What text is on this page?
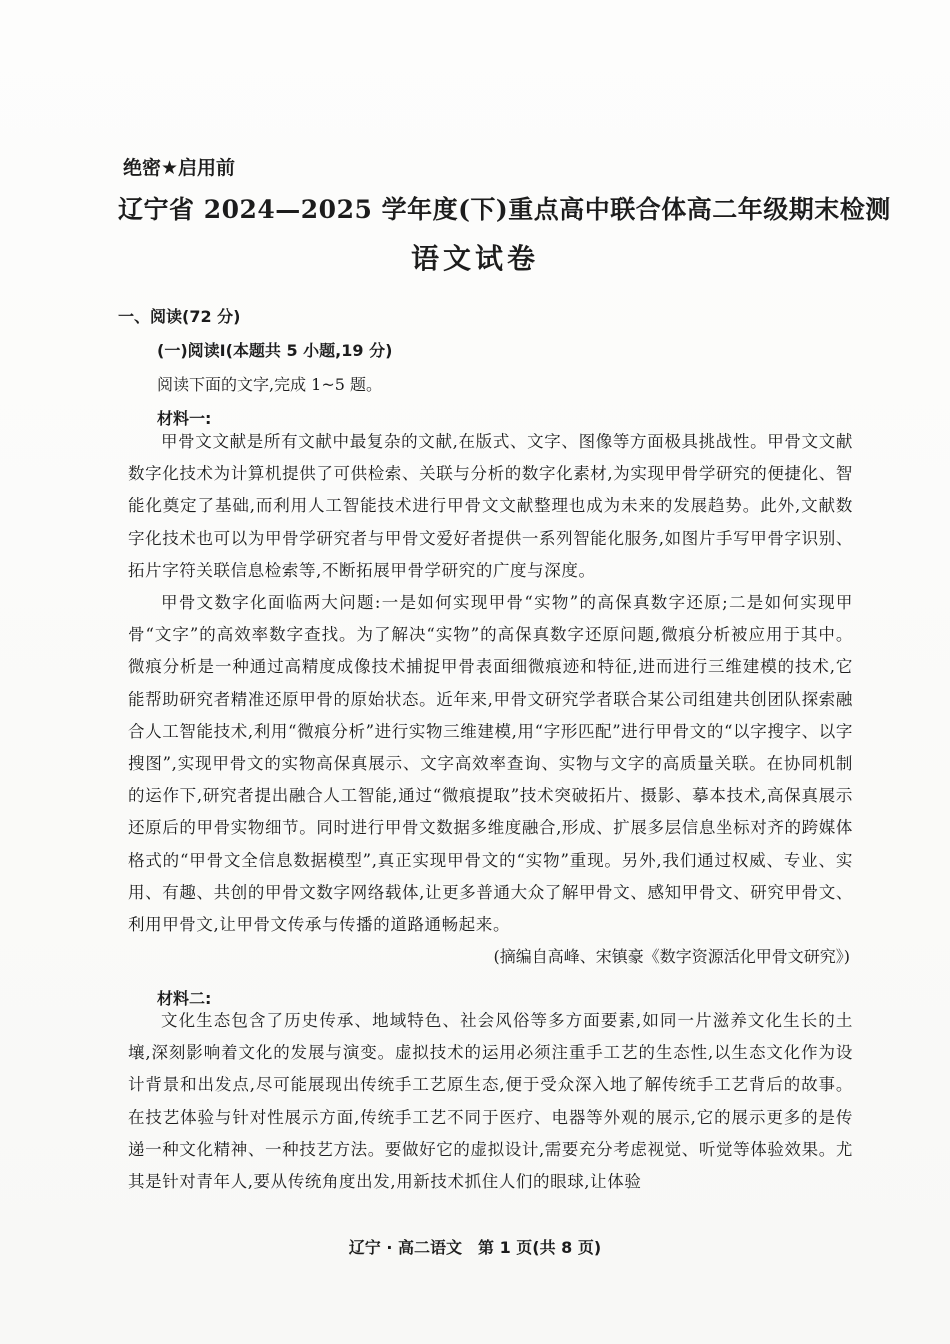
绝密★启用前
辽宁省 2024—2025 学年度(下)重点高中联合体高二年级期末检测
语文试卷
一、阅读(72 分)
(一)阅读Ⅰ(本题共 5 小题,19 分)
阅读下面的文字,完成 1~5 题。
材料一:

甲骨文文献是所有文献中最复杂的文献,在版式、文字、图像等方面极具挑战性。甲骨文文献数字化技术为计算机提供了可供检索、关联与分析的数字化素材,为实现甲骨学研究的便捷化、智能化奠定了基础,而利用人工智能技术进行甲骨文文献整理也成为未来的发展趋势。此外,文献数字化技术也可以为甲骨学研究者与甲骨文爱好者提供一系列智能化服务,如图片手写甲骨字识别、拓片字符关联信息检索等,不断拓展甲骨学研究的广度与深度。

甲骨文数字化面临两大问题:一是如何实现甲骨“实物”的高保真数字还原;二是如何实现甲骨“文字”的高效率数字查找。为了解决“实物”的高保真数字还原问题,微痕分析被应用于其中。微痕分析是一种通过高精度成像技术捕捉甲骨表面细微痕迹和特征,进而进行三维建模的技术,它能帮助研究者精准还原甲骨的原始状态。近年来,甲骨文研究学者联合某公司组建共创团队探索融合人工智能技术,利用“微痕分析”进行实物三维建模,用“字形匹配”进行甲骨文的“以字搜字、以字搜图”,实现甲骨文的实物高保真展示、文字高效率查询、实物与文字的高质量关联。在协同机制的运作下,研究者提出融合人工智能,通过“微痕提取”技术突破拓片、摄影、摹本技术,高保真展示还原后的甲骨实物细节。同时进行甲骨文数据多维度融合,形成、扩展多层信息坐标对齐的跨媒体格式的“甲骨文全信息数据模型”,真正实现甲骨文的“实物”重现。另外,我们通过权威、专业、实用、有趣、共创的甲骨文数字网络载体,让更多普通大众了解甲骨文、感知甲骨文、研究甲骨文、利用甲骨文,让甲骨文传承与传播的道路通畅起来。

(摘编自高峰、宋镇豪《数字资源活化甲骨文研究》)
材料二:

文化生态包含了历史传承、地域特色、社会风俗等多方面要素,如同一片滋养文化生长的土壤,深刻影响着文化的发展与演变。虚拟技术的运用必须注重手工艺的生态性,以生态文化作为设计背景和出发点,尽可能展现出传统手工艺原生态,便于受众深入地了解传统手工艺背后的故事。在技艺体验与针对性展示方面,传统手工艺不同于医疗、电器等外观的展示,它的展示更多的是传递一种文化精神、一种技艺方法。要做好它的虚拟设计,需要充分考虑视觉、听觉等体验效果。尤其是针对青年人,要从传统角度出发,用新技术抓住人们的眼球,让体验

辽宁 · 高二语文　第 1 页(共 8 页)
